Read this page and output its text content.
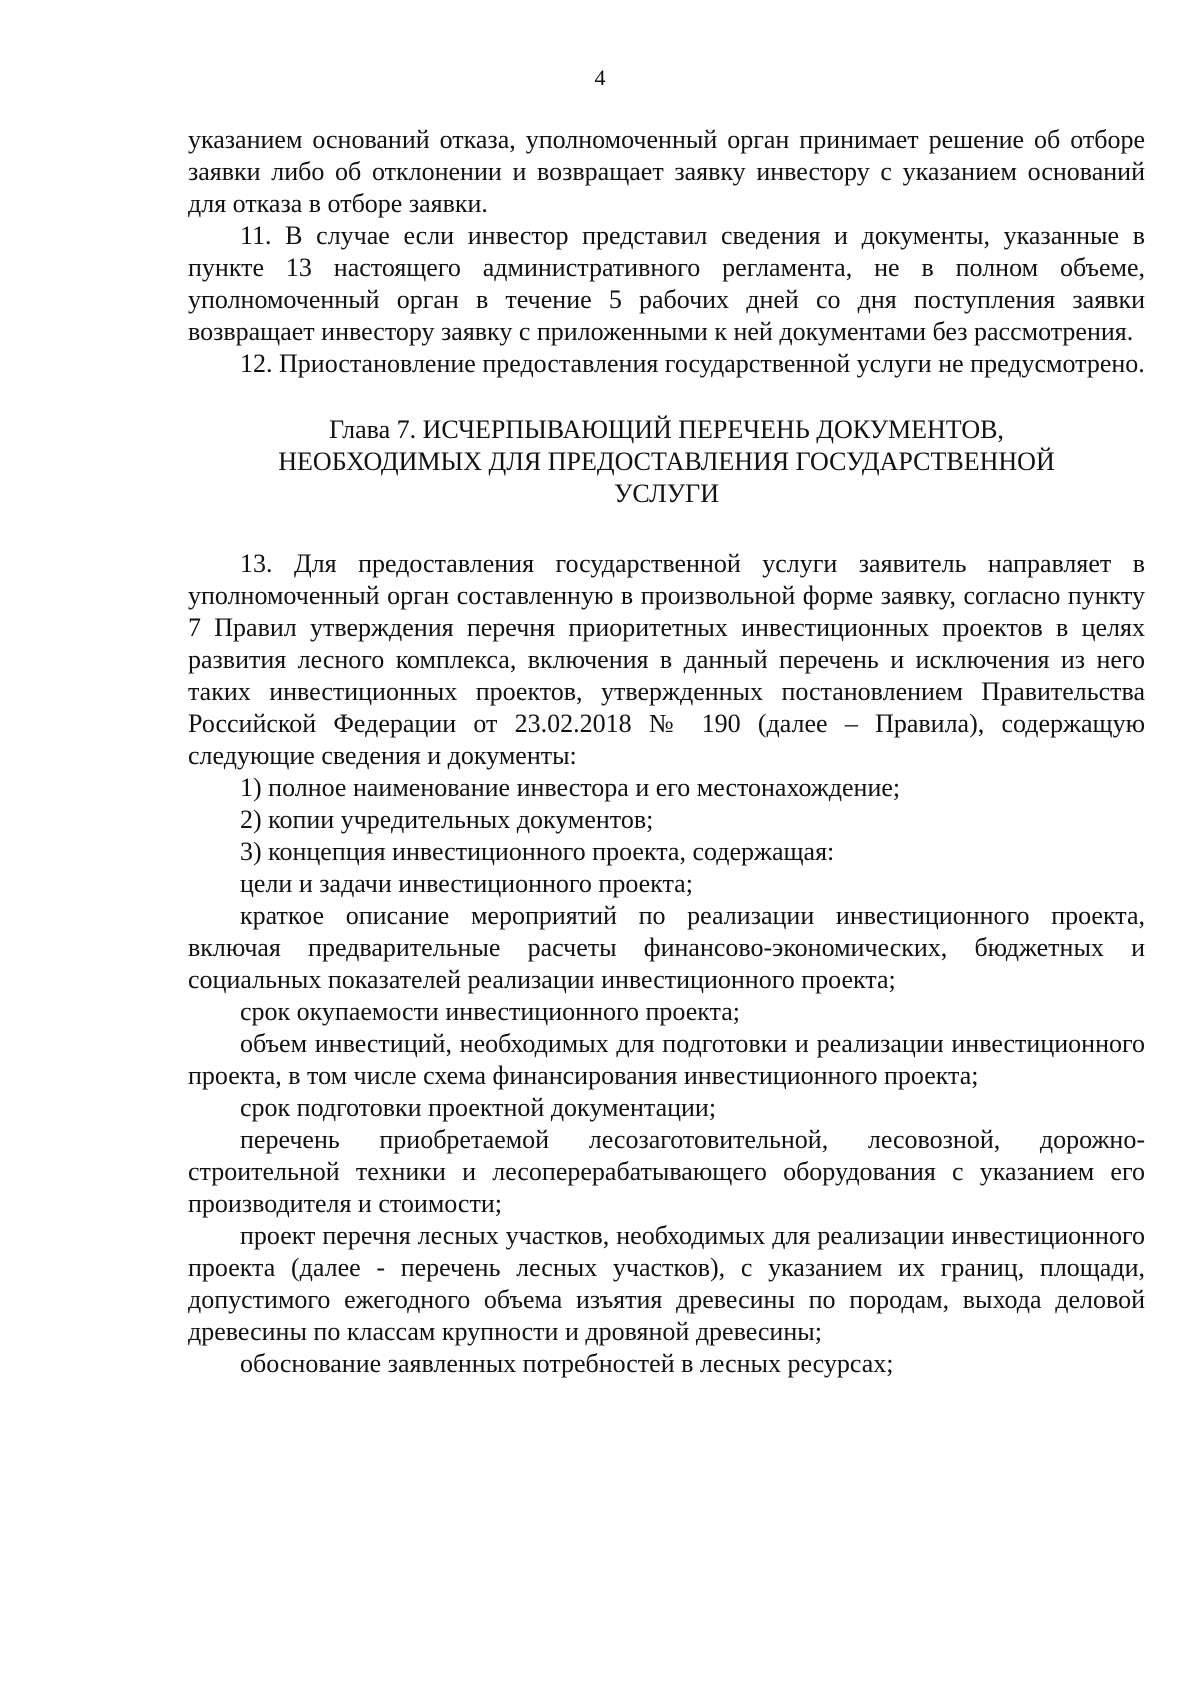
4

указанием оснований отказа, уполномоченный орган принимает решение об отборе заявки либо об отклонении и возвращает заявку инвестору с указанием оснований для отказа в отборе заявки.

11. В случае если инвестор представил сведения и документы, указанные в пункте 13 настоящего административного регламента, не в полном объеме, уполномоченный орган в течение 5 рабочих дней со дня поступления заявки возвращает инвестору заявку с приложенными к ней документами без рассмотрения.

12. Приостановление предоставления государственной услуги не предусмотрено.

Глава 7. ИСЧЕРПЫВАЮЩИЙ ПЕРЕЧЕНЬ ДОКУМЕНТОВ,
НЕОБХОДИМЫХ ДЛЯ ПРЕДОСТАВЛЕНИЯ ГОСУДАРСТВЕННОЙ
УСЛУГИ

13. Для предоставления государственной услуги заявитель направляет в уполномоченный орган составленную в произвольной форме заявку, согласно пункту 7 Правил утверждения перечня приоритетных инвестиционных проектов в целях развития лесного комплекса, включения в данный перечень и исключения из него таких инвестиционных проектов, утвержденных постановлением Правительства Российской Федерации от 23.02.2018 № 190 (далее – Правила), содержащую следующие сведения и документы:

1) полное наименование инвестора и его местонахождение;

2) копии учредительных документов;

3) концепция инвестиционного проекта, содержащая:

цели и задачи инвестиционного проекта;

краткое описание мероприятий по реализации инвестиционного проекта, включая предварительные расчеты финансово-экономических, бюджетных и социальных показателей реализации инвестиционного проекта;

срок окупаемости инвестиционного проекта;

объем инвестиций, необходимых для подготовки и реализации инвестиционного проекта, в том числе схема финансирования инвестиционного проекта;

срок подготовки проектной документации;

перечень приобретаемой лесозаготовительной, лесовозной, дорожно-строительной техники и лесоперерабатывающего оборудования с указанием его производителя и стоимости;

проект перечня лесных участков, необходимых для реализации инвестиционного проекта (далее - перечень лесных участков), с указанием их границ, площади, допустимого ежегодного объема изъятия древесины по породам, выхода деловой древесины по классам крупности и дровяной древесины;

обоснование заявленных потребностей в лесных ресурсах;
